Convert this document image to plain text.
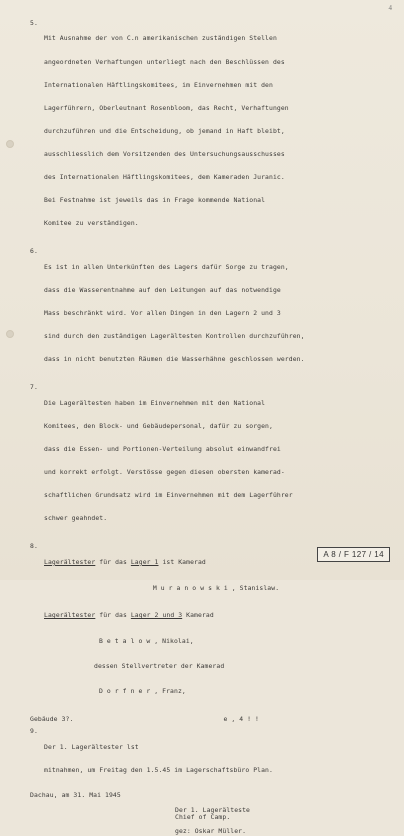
4
5.

Mit Ausnahme der von C.n amerikanischen zuständigen Stellen

angeordneten Verhaftungen unterliegt nach den Beschlüssen des

Internationalen Häftlingskomitees, im Einvernehmen mit den

Lagerführern, Oberleutnant Rosenbloom, das Recht, Verhaftungen

durchzuführen und die Entscheidung, ob jemand in Haft bleibt,

ausschliesslich dem Vorsitzenden des Untersuchungsausschusses

des Internationalen Häftlingskomitees, dem Kameraden Juranic.

Bei Festnahme ist jeweils das in Frage kommende National

Komitee zu verständigen.

6.

Es ist in allen Unterkünften des Lagers dafür Sorge zu tragen,

dass die Wasserentnahme auf den Leitungen auf das notwendige

Mass beschränkt wird. Vor allen Dingen in den Lagern 2 und 3

sind durch den zuständigen Lagerältesten Kontrollen durchzuführen,

dass in nicht benutzten Räumen die Wasserhähne geschlossen werden.

7.

Die Lagerältesten haben im Einvernehmen mit den National

Komitees, den Block- und Gebäudepersonal, dafür zu sorgen,

dass die Essen- und Portionen-Verteilung absolut einwandfrei

und korrekt erfolgt. Verstösse gegen diesen obersten kamerad-

schaftlichen Grundsatz wird im Einvernehmen mit dem Lagerführer

schwer geahndet.

8.

Lagerältester für das Lager 1 ist Kamerad

M u r a n o w s k i , Stanislaw.

Lagerältester für das Lager 2 und 3 Kamerad

B e t a l o w , Nikolai,

dessen Stellvertreter der Kamerad

D o r f n e r , Franz,

Gebäude 3?.	e , 4 ! !
9.

Der 1. Lagerältester lst

mitnahmen, um Freitag den 1.5.45 im Lagerschaftsbüro Plan.

Dachau, am 31. Mai 1945
Der 1. Lagerälteste
Chief of Camp.
gez: Oskar Müller.
A 8 / F 127 / 14
